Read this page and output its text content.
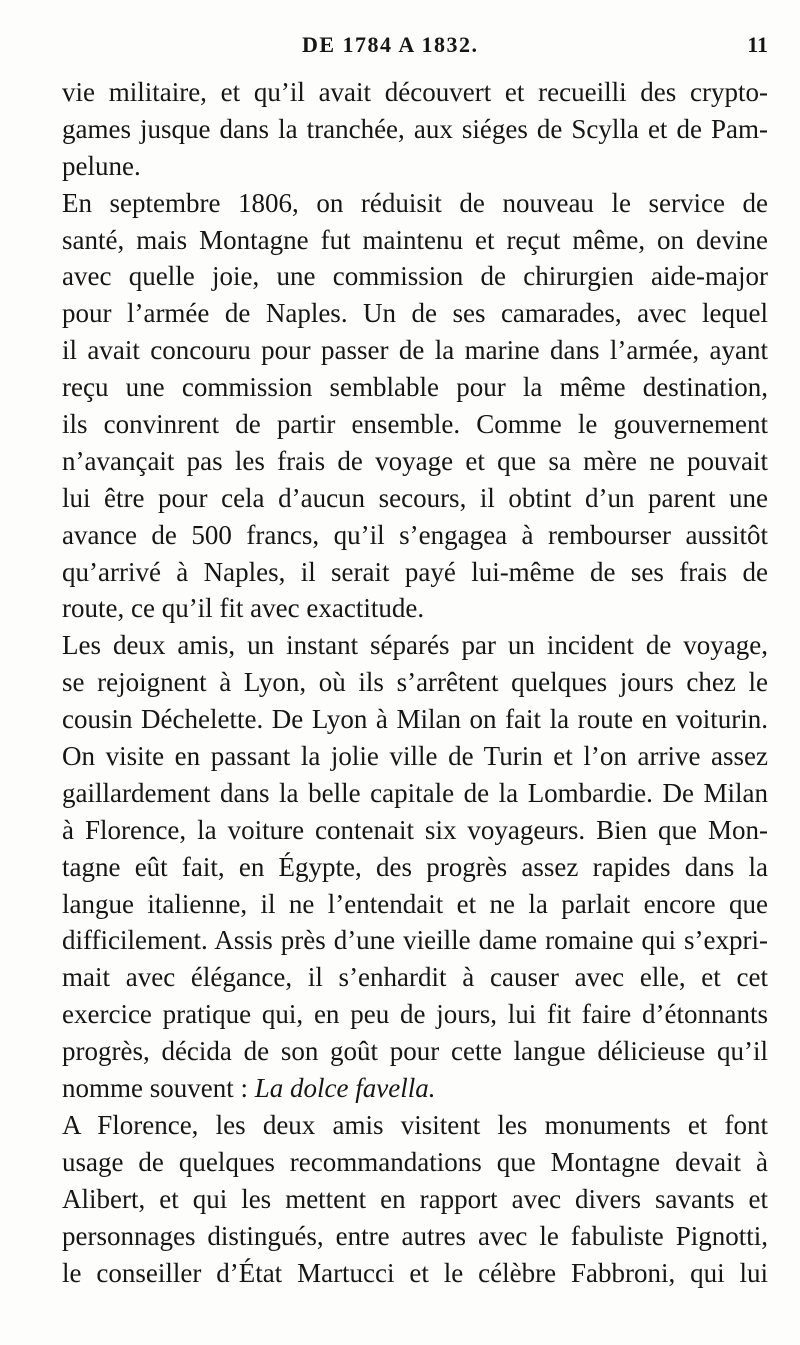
DE 1784 A 1832.	11
vie militaire, et qu’il avait découvert et recueilli des crypto-
games jusque dans la tranchée, aux siéges de Scylla et de Pam-
pelune.
En septembre 1806, on réduisit de nouveau le service de
santé, mais Montagne fut maintenu et reçut même, on devine
avec quelle joie, une commission de chirurgien aide-major
pour l’armée de Naples. Un de ses camarades, avec lequel
il avait concouru pour passer de la marine dans l’armée, ayant
reçu une commission semblable pour la même destination,
ils convinrent de partir ensemble. Comme le gouvernement
n’avançait pas les frais de voyage et que sa mère ne pouvait
lui être pour cela d’aucun secours, il obtint d’un parent une
avance de 500 francs, qu’il s’engagea à rembourser aussitôt
qu’arrivé à Naples, il serait payé lui-même de ses frais de
route, ce qu’il fit avec exactitude.
Les deux amis, un instant séparés par un incident de voyage,
se rejoignent à Lyon, où ils s’arrêtent quelques jours chez le
cousin Déchelette. De Lyon à Milan on fait la route en voiturin.
On visite en passant la jolie ville de Turin et l’on arrive assez
gaillardement dans la belle capitale de la Lombardie. De Milan
à Florence, la voiture contenait six voyageurs. Bien que Mon-
tagne eût fait, en Égypte, des progrès assez rapides dans la
langue italienne, il ne l’entendait et ne la parlait encore que
difficilement. Assis près d’une vieille dame romaine qui s’expri-
mait avec élégance, il s’enhardit à causer avec elle, et cet
exercice pratique qui, en peu de jours, lui fit faire d’étonnants
progrès, décida de son goût pour cette langue délicieuse qu’il
nomme souvent : La dolce favella.
A Florence, les deux amis visitent les monuments et font
usage de quelques recommandations que Montagne devait à
Alibert, et qui les mettent en rapport avec divers savants et
personnages distingués, entre autres avec le fabuliste Pignotti,
le conseiller d’État Martucci et le célèbre Fabbroni, qui lui
